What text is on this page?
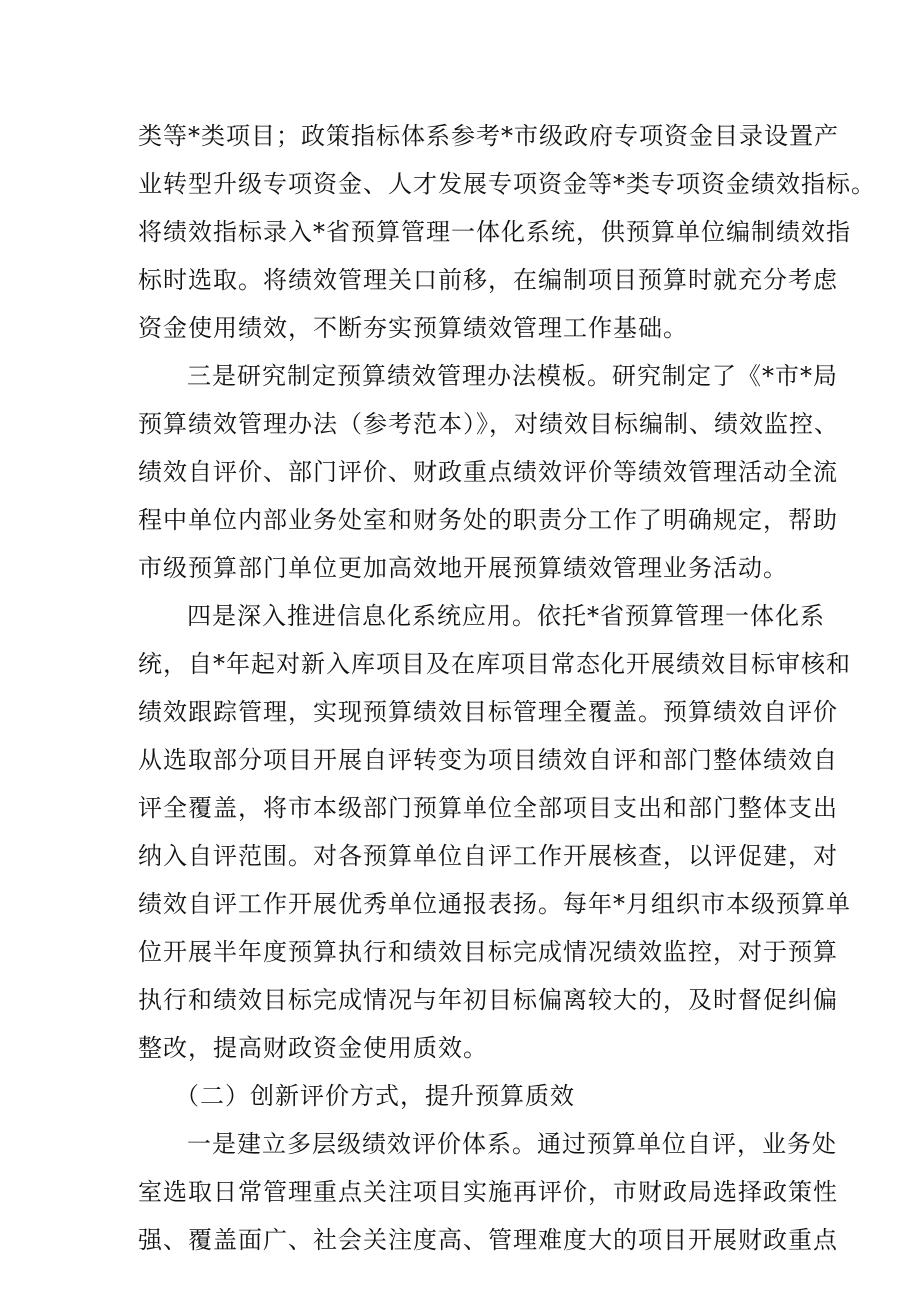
类等*类项目；政策指标体系参考*市级政府专项资金目录设置产
业转型升级专项资金、人才发展专项资金等*类专项资金绩效指标。
将绩效指标录入*省预算管理一体化系统，供预算单位编制绩效指
标时选取。将绩效管理关口前移，在编制项目预算时就充分考虑
资金使用绩效，不断夯实预算绩效管理工作基础。
三是研究制定预算绩效管理办法模板。研究制定了《*市*局
预算绩效管理办法（参考范本）》，对绩效目标编制、绩效监控、
绩效自评价、部门评价、财政重点绩效评价等绩效管理活动全流
程中单位内部业务处室和财务处的职责分工作了明确规定，帮助
市级预算部门单位更加高效地开展预算绩效管理业务活动。
四是深入推进信息化系统应用。依托*省预算管理一体化系
统，自*年起对新入库项目及在库项目常态化开展绩效目标审核和
绩效跟踪管理，实现预算绩效目标管理全覆盖。预算绩效自评价
从选取部分项目开展自评转变为项目绩效自评和部门整体绩效自
评全覆盖，将市本级部门预算单位全部项目支出和部门整体支出
纳入自评范围。对各预算单位自评工作开展核查，以评促建，对
绩效自评工作开展优秀单位通报表扬。每年*月组织市本级预算单
位开展半年度预算执行和绩效目标完成情况绩效监控，对于预算
执行和绩效目标完成情况与年初目标偏离较大的，及时督促纠偏
整改，提高财政资金使用质效。
（二）创新评价方式，提升预算质效
一是建立多层级绩效评价体系。通过预算单位自评，业务处
室选取日常管理重点关注项目实施再评价，市财政局选择政策性
强、覆盖面广、社会关注度高、管理难度大的项目开展财政重点
